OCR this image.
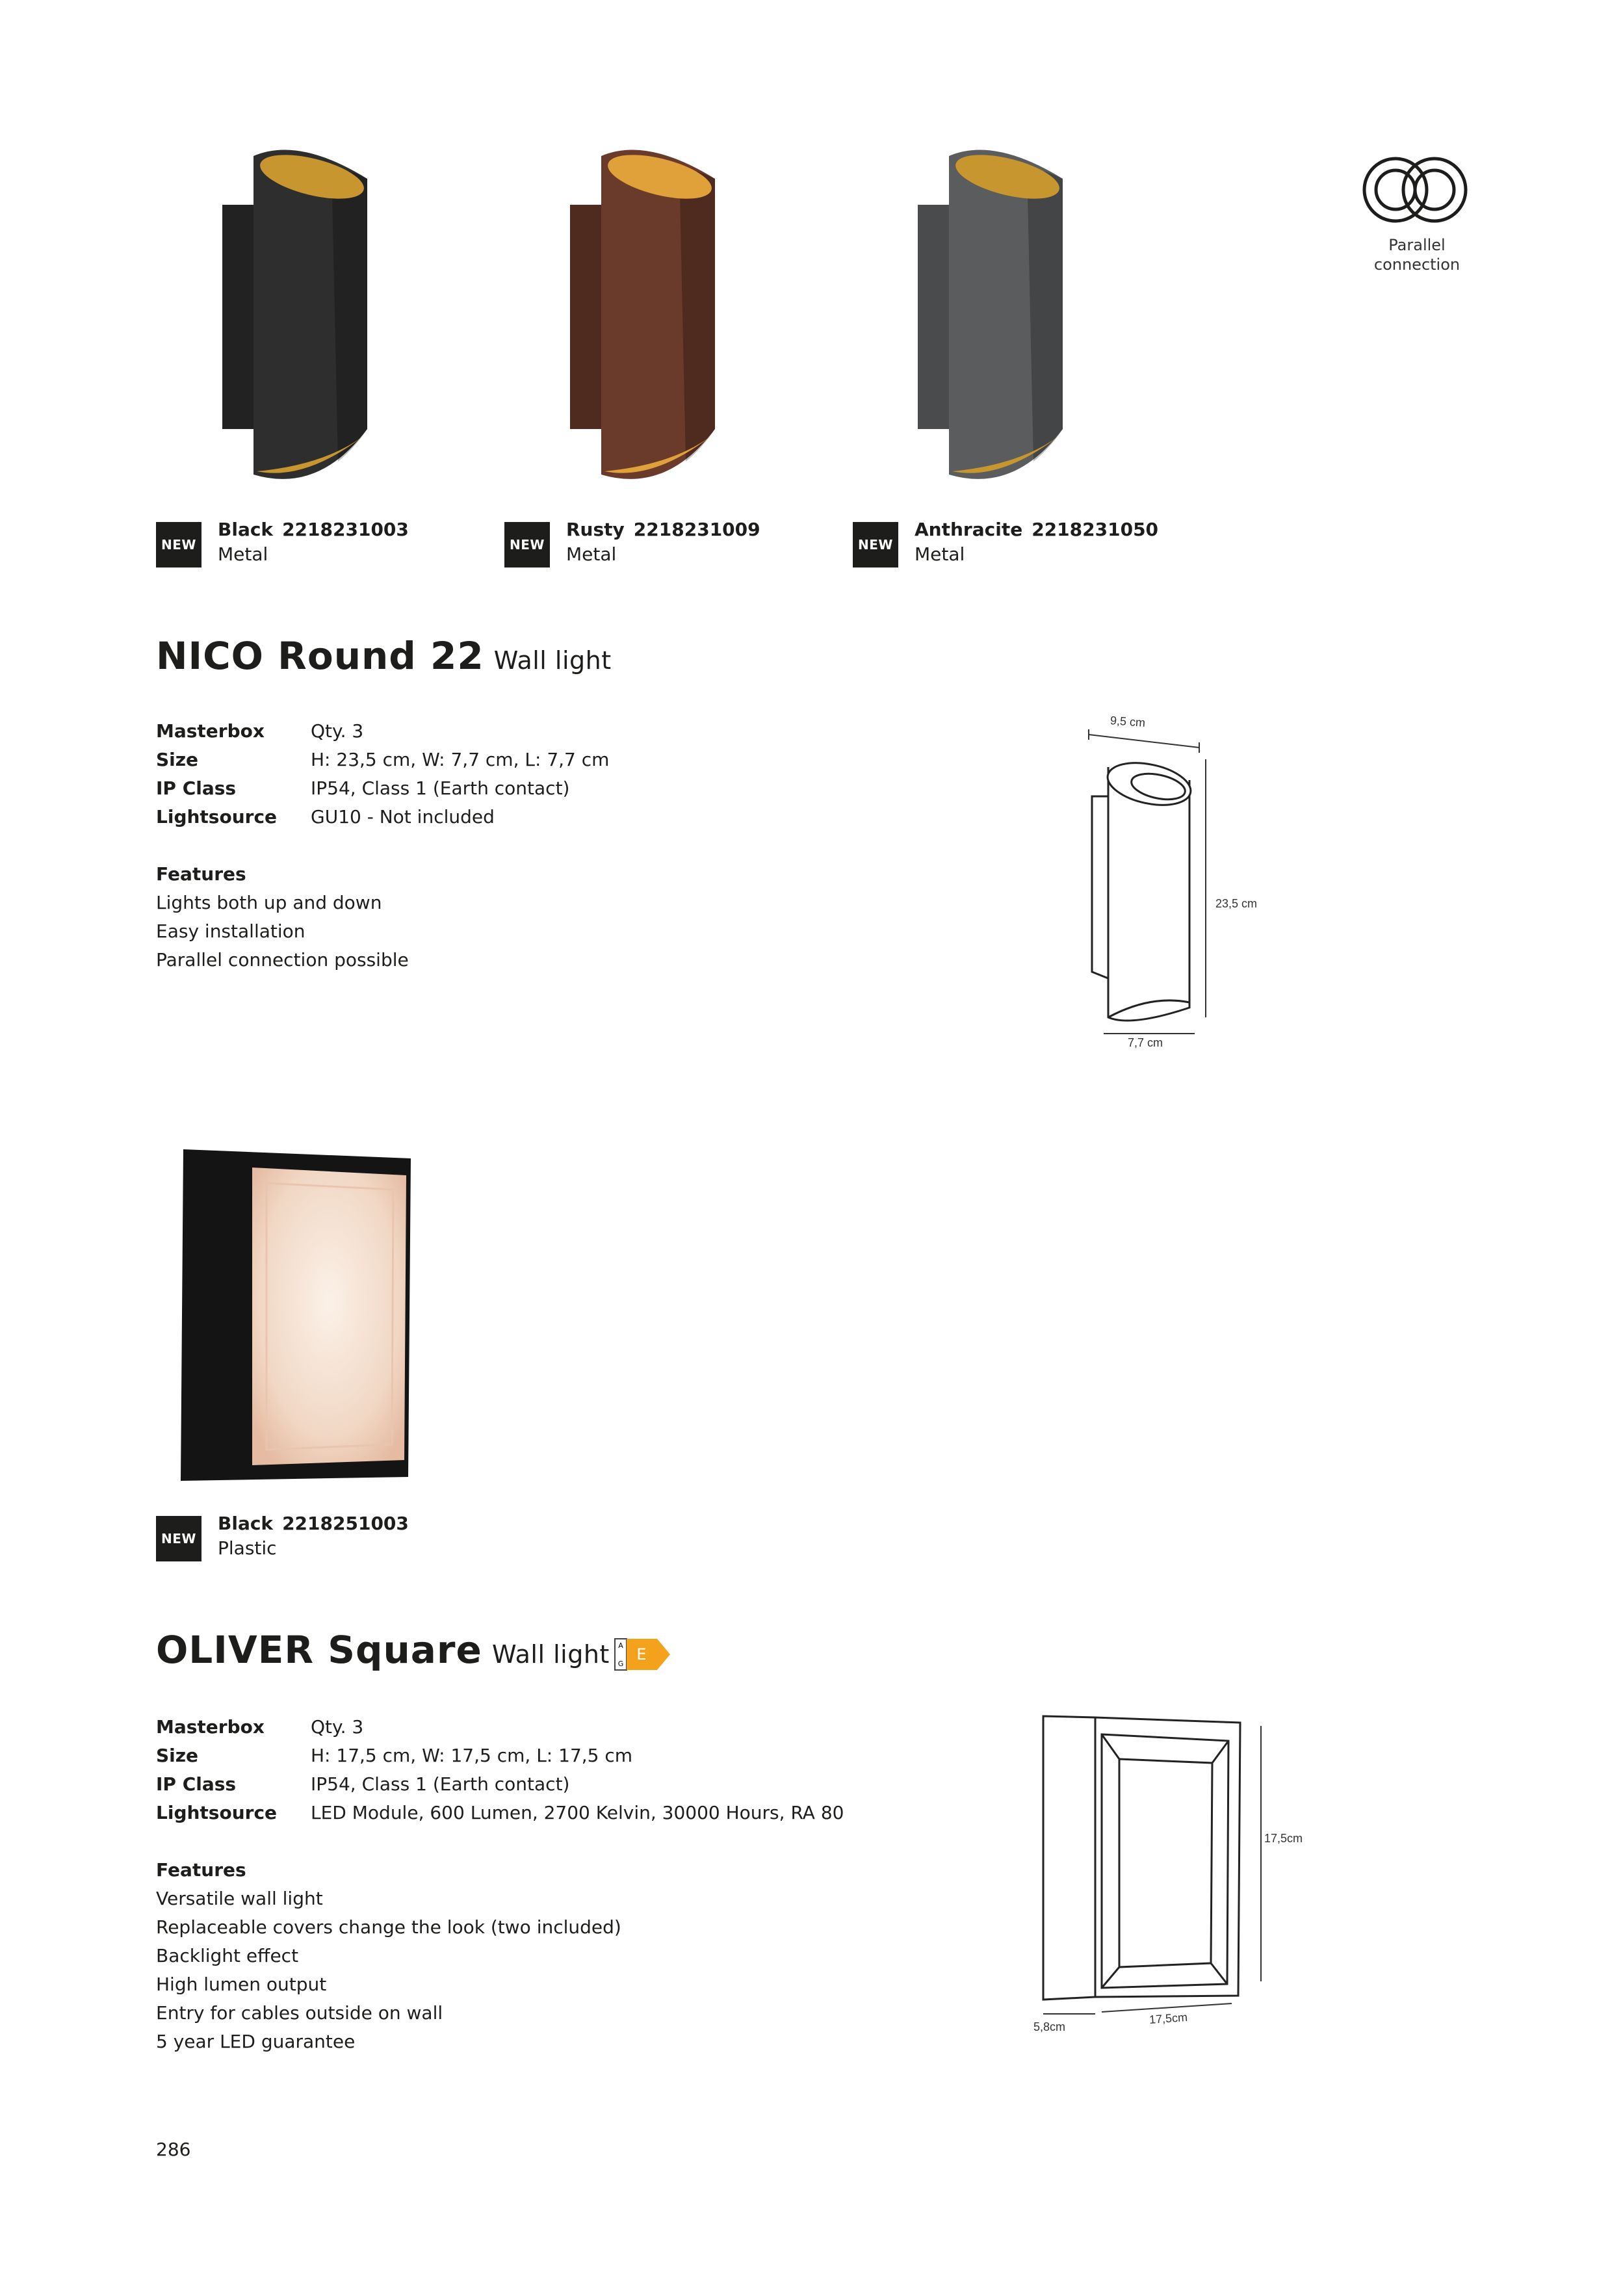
Parallel
connection
NEW
Black 2218231003
Metal	NEW
Rusty 2218231009
Metal	NEW
Anthracite 2218231050
Metal
NICO Round 22 Wall light
Masterbox	Qty. 3
Size	H: 23,5 cm, W: 7,7 cm, L: 7,7 cm
IP Class	IP54, Class 1 (Earth contact)
Lightsource GU10 - Not included
Features
Lights both up and down
Easy installation
Parallel connection possible
9,5 cm
23,5 cm
7,7 cm
NEW
Black 2218251003
Plastic
OLIVER Square Wall light A
G
E
Masterbox	Qty. 3
Size	H: 17,5 cm, W: 17,5 cm, L: 17,5 cm
IP Class	IP54, Class 1 (Earth contact)
Lightsource LED Module, 600 Lumen, 2700 Kelvin, 30000 Hours, RA 80
Features
Versatile wall light
Replaceable covers change the look (two included)
Backlight effect
High lumen output
Entry for cables outside on wall
5 year LED guarantee
17,5cm
5,8cm
17,5cm
286
